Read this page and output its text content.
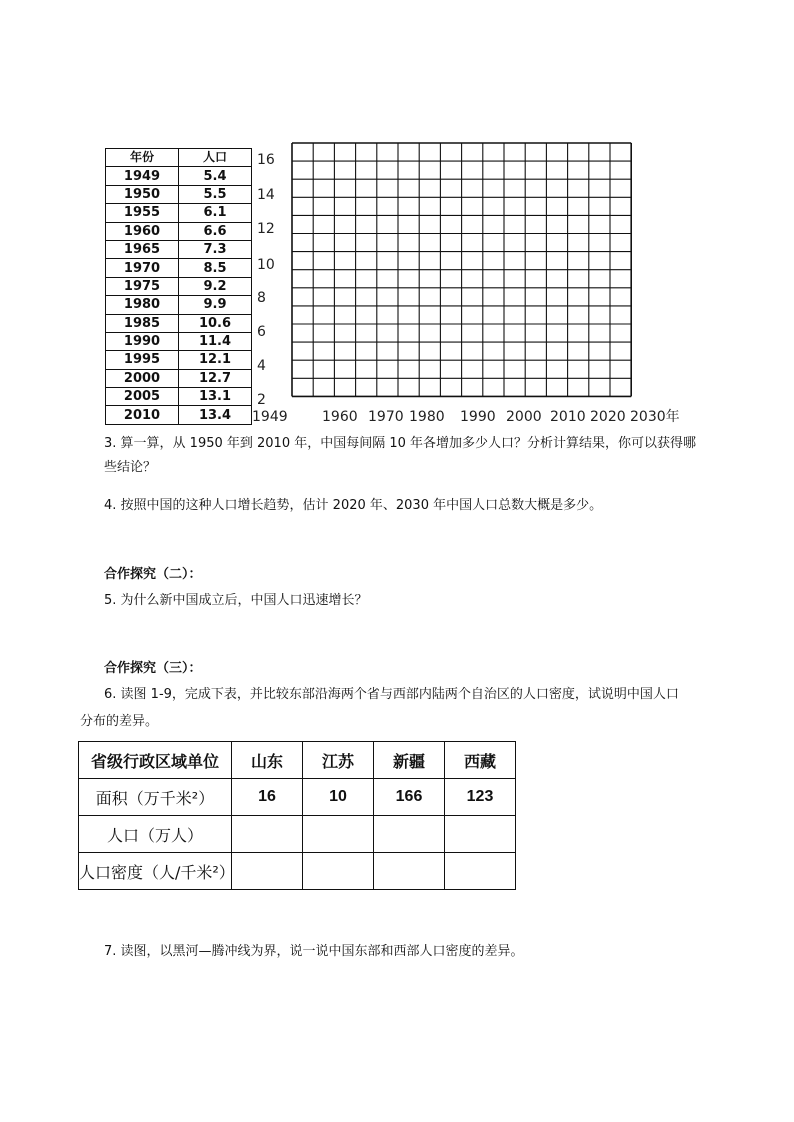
年份	人口
1949	5.4
1950	5.5
1955	6.1
1960	6.6
1965	7.3
1970	8.5
1975	9.2
1980	9.9
1985	10.6
1990	11.4
1995	12.1
2000	12.7
2005	13.1
2010	13.4
16
14
12
10
8
6
4
2
1949 1960 1970 1980 1990 2000 2010 2020 2030年
3. 算一算，从 1950 年到 2010 年，中国每间隔 10 年各增加多少人口？分析计算结果，你可以获得哪
些结论？
4. 按照中国的这种人口增长趋势，估计 2020 年、2030 年中国人口总数大概是多少。
合作探究（二）：
5. 为什么新中国成立后，中国人口迅速增长？
合作探究（三）：
6. 读图 1-9，完成下表，并比较东部沿海两个省与西部内陆两个自治区的人口密度，试说明中国人口
分布的差异。
省级行政区域单位	山东	江苏	新疆	西藏
面积（万千米²）	16	10	166	123
人口（万人）				
人口密度（人/千米²）				
7. 读图，以黑河—腾冲线为界，说一说中国东部和西部人口密度的差异。
